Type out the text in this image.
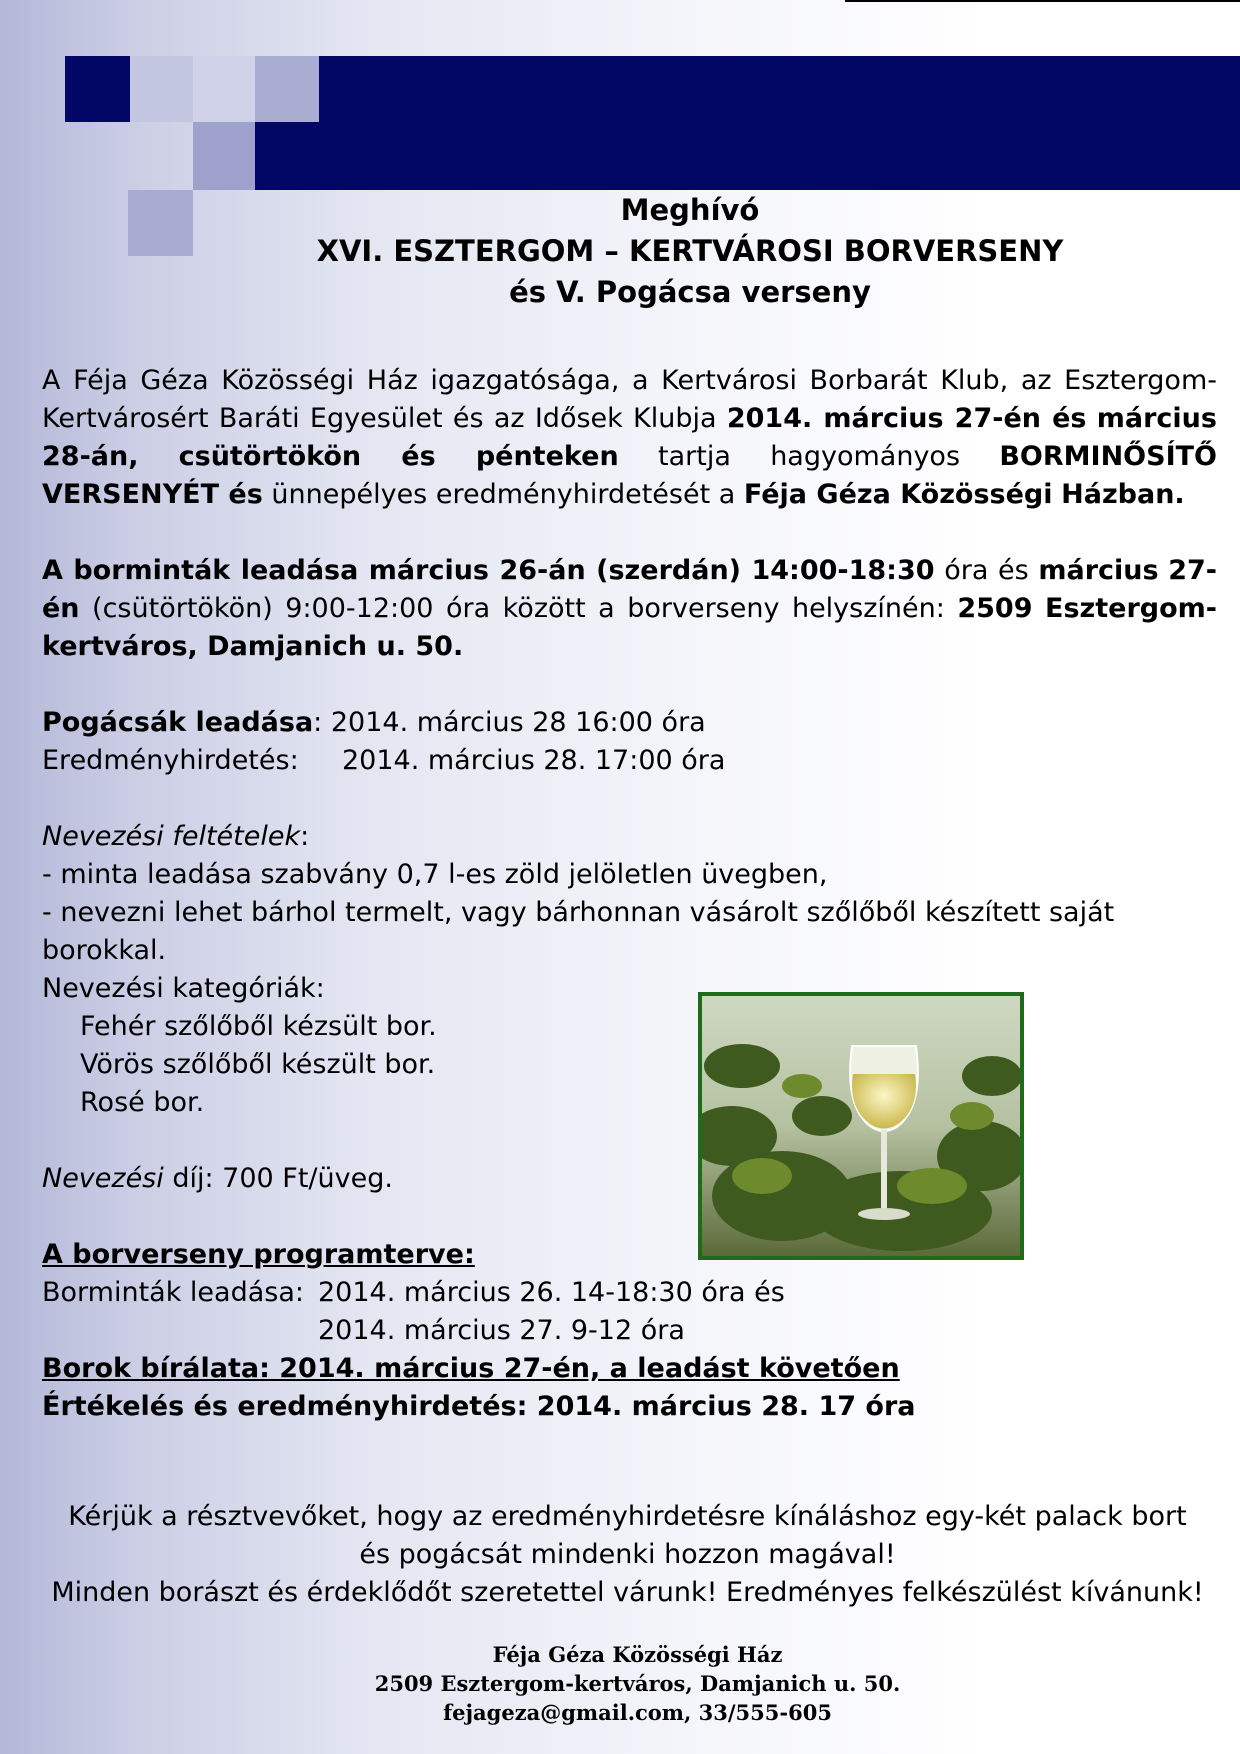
Meghívó
XVI. ESZTERGOM – KERTVÁROSI BORVERSENY
és V. Pogácsa verseny

A Féja Géza Közösségi Ház igazgatósága, a Kertvárosi Borbarát Klub, az Esztergom- Kertvárosért Baráti Egyesület és az Idősek Klubja 2014. március 27-én és március 28-án, csütörtökön és pénteken tartja hagyományos BORMINŐSÍTŐ VERSENYÉT és ünnepélyes eredményhirdetését a Féja Géza Közösségi Házban.

A borminták leadása március 26-án (szerdán) 14:00-18:30 óra és március 27-én (csütörtökön) 9:00-12:00 óra között a borverseny helyszínén: 2509 Esztergom-kertváros, Damjanich u. 50.

Pogácsák leadása: 2014. március 28 16:00 óra

Eredményhirdetés: 2014. március 28. 17:00 óra

Nevezési feltételek:

- minta leadása szabvány 0,7 l-es zöld jelöletlen üvegben,

- nevezni lehet bárhol termelt, vagy bárhonnan vásárolt szőlőből készített saját

borokkal.

Nevezési kategóriák:

Fehér szőlőből kézsült bor.

Vörös szőlőből készült bor.

Rosé bor.

Nevezési díj: 700 Ft/üveg.

A borverseny programterve:

Borminták leadása:2014. március 26. 14-18:30 óra és

2014. március 27. 9-12 óra

Borok bírálata: 2014. március 27-én, a leadást követően

Értékelés és eredményhirdetés: 2014. március 28. 17 óra

Kérjük a résztvevőket, hogy az eredményhirdetésre kínáláshoz egy-két palack bort
és pogácsát mindenki hozzon magával!
Minden borászt és érdeklődőt szeretettel várunk! Eredményes felkészülést kívánunk!
Féja Géza Közösségi Ház
2509 Esztergom-kertváros, Damjanich u. 50.
fejageza@gmail.com, 33/555-605
